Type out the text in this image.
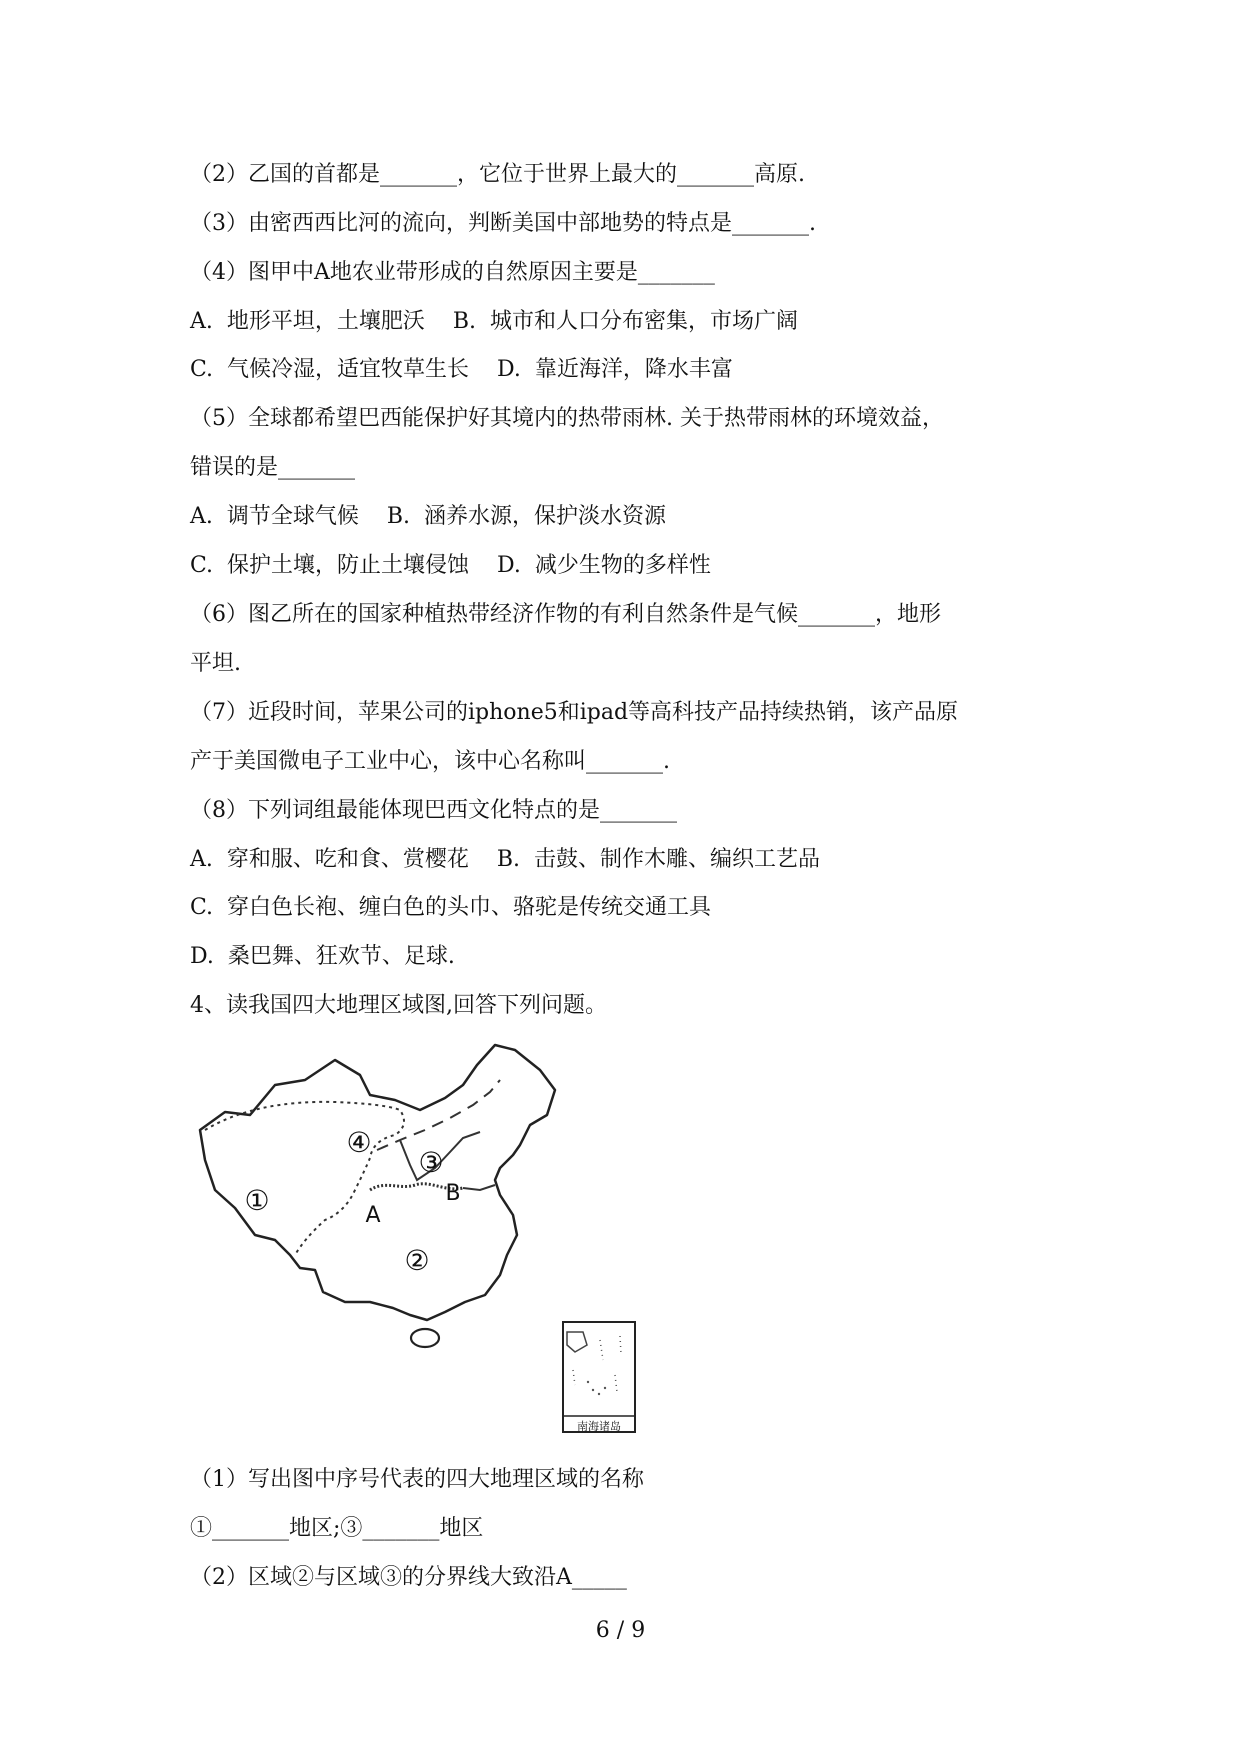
（2）乙国的首都是_______，它位于世界上最大的_______高原.
（3）由密西西比河的流向，判断美国中部地势的特点是_______.
（4）图甲中A地农业带形成的自然原因主要是_______
A.  地形平坦，土壤肥沃    B.  城市和人口分布密集，市场广阔
C.  气候冷湿，适宜牧草生长    D.  靠近海洋，降水丰富
（5）全球都希望巴西能保护好其境内的热带雨林. 关于热带雨林的环境效益，
错误的是_______
A.  调节全球气候    B.  涵养水源，保护淡水资源
C.  保护土壤，防止土壤侵蚀    D.  减少生物的多样性
（6）图乙所在的国家种植热带经济作物的有利自然条件是气候_______，地形
平坦.
（7）近段时间，苹果公司的iphone5和ipad等高科技产品持续热销，该产品原
产于美国微电子工业中心，该中心名称叫_______.
（8）下列词组最能体现巴西文化特点的是_______
A.  穿和服、吃和食、赏樱花    B.  击鼓、制作木雕、编织工艺品
C.  穿白色长袍、缠白色的头巾、骆驼是传统交通工具
D.  桑巴舞、狂欢节、足球.
4、读我国四大地理区域图,回答下列问题。
①
②
③
④
A
B
南海诸岛
（1）写出图中序号代表的四大地理区域的名称
①_______地区;③_______地区
（2）区域②与区域③的分界线大致沿A_____
6 / 9
